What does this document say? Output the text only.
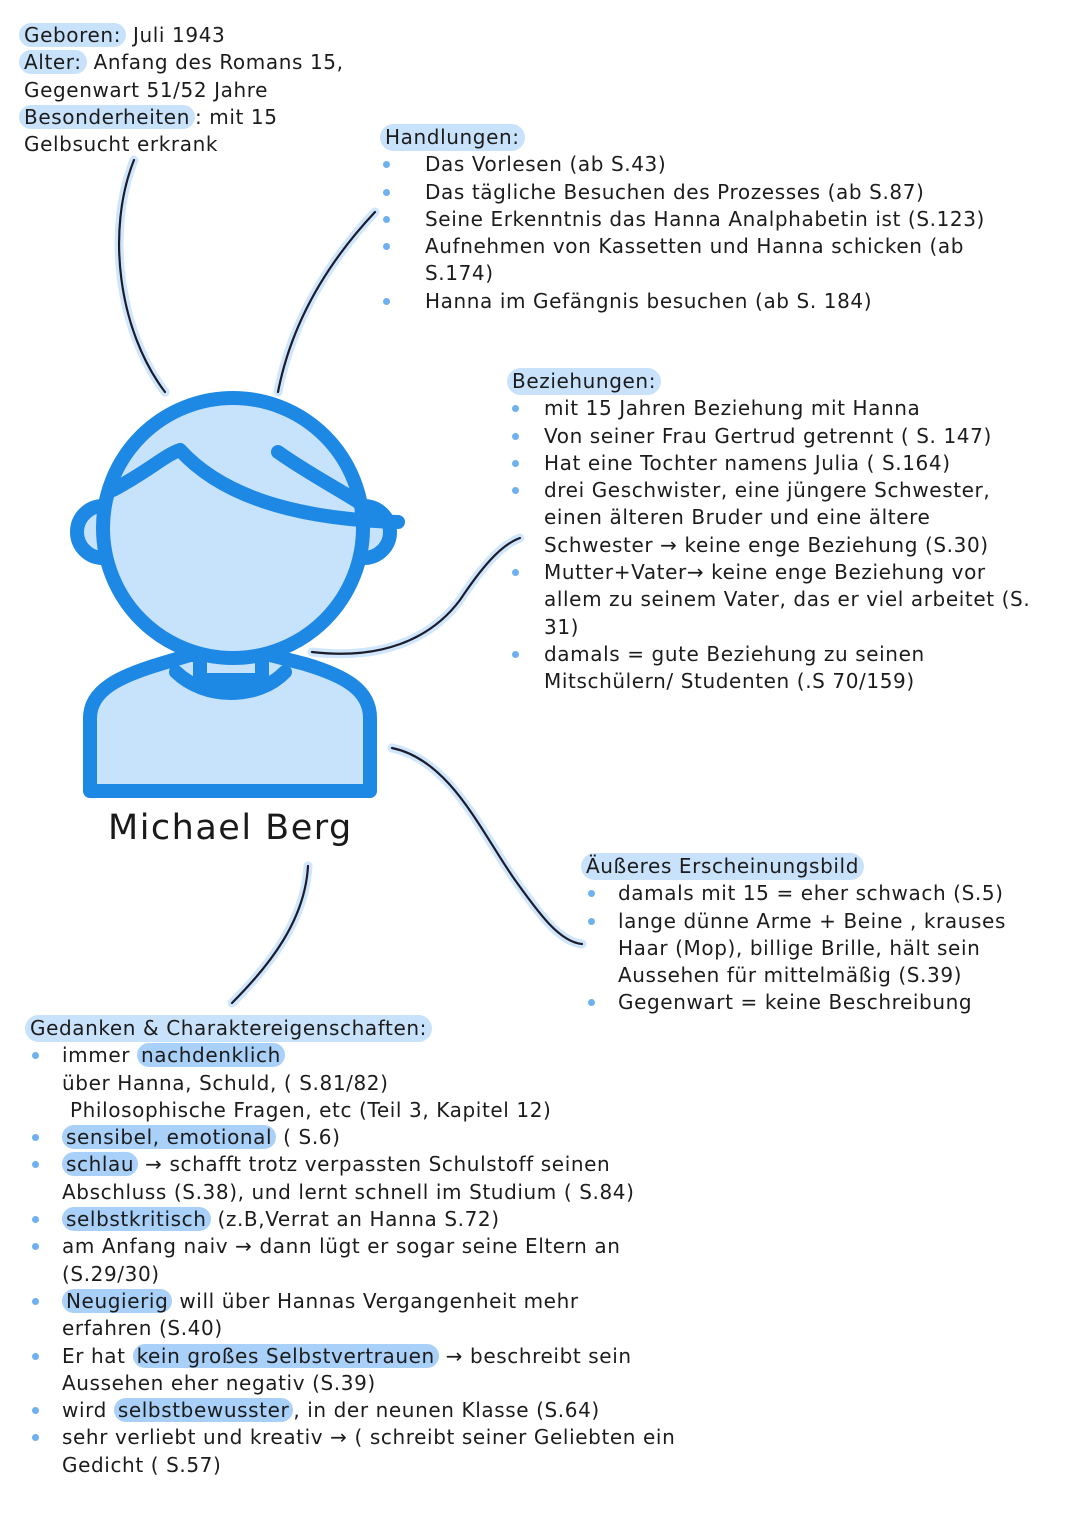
Geboren: Juli 1943
Alter: Anfang des Romans 15,
Gegenwart 51/52 Jahre
Besonderheiten : mit 15
Gelbsucht erkrank	Handlungen:
Das Vorlesen (ab S.43)
Das tägliche Besuchen des Prozesses (ab S.87)
Seine Erkenntnis das Hanna Analphabetin ist (S.123)
Aufnehmen von Kassetten und Hanna schicken (ab S.174)
Hanna im Gefängnis besuchen (ab S. 184)
Beziehungen:
mit 15 Jahren Beziehung mit Hanna
Von seiner Frau Gertrud getrennt ( S. 147)
Hat eine Tochter namens Julia ( S.164)
drei Geschwister, eine jüngere Schwester, einen älteren Bruder und eine ältere Schwester → keine enge Beziehung (S.30)
Mutter+Vater→ keine enge Beziehung vor allem zu seinem Vater, das er viel arbeitet (S. 31)
damals = gute Beziehung zu seinen Mitschülern/ Studenten (.S 70/159)
Michael Berg
Äußeres Erscheinungsbild
damals mit 15 = eher schwach (S.5)
lange dünne Arme + Beine , krauses Haar (Mop), billige Brille, hält sein Aussehen für mittelmäßig (S.39)
Gegenwart = keine Beschreibung
Gedanken & Charaktereigenschaften:
immer nachdenklich
über Hanna, Schuld, ( S.81/82)
Philosophische Fragen, etc (Teil 3, Kapitel 12)
sensibel, emotional ( S.6)
schlau → schafft trotz verpassten Schulstoff seinen Abschluss (S.38), und lernt schnell im Studium ( S.84)
selbstkritisch (z.B,Verrat an Hanna S.72)
am Anfang naiv → dann lügt er sogar seine Eltern an (S.29/30)
Neugierig will über Hannas Vergangenheit mehr erfahren (S.40)
Er hat kein großes Selbstvertrauen → beschreibt sein Aussehen eher negativ (S.39)
wird selbstbewusster , in der neunen Klasse (S.64)
sehr verliebt und kreativ → ( schreibt seiner Geliebten ein Gedicht ( S.57)
